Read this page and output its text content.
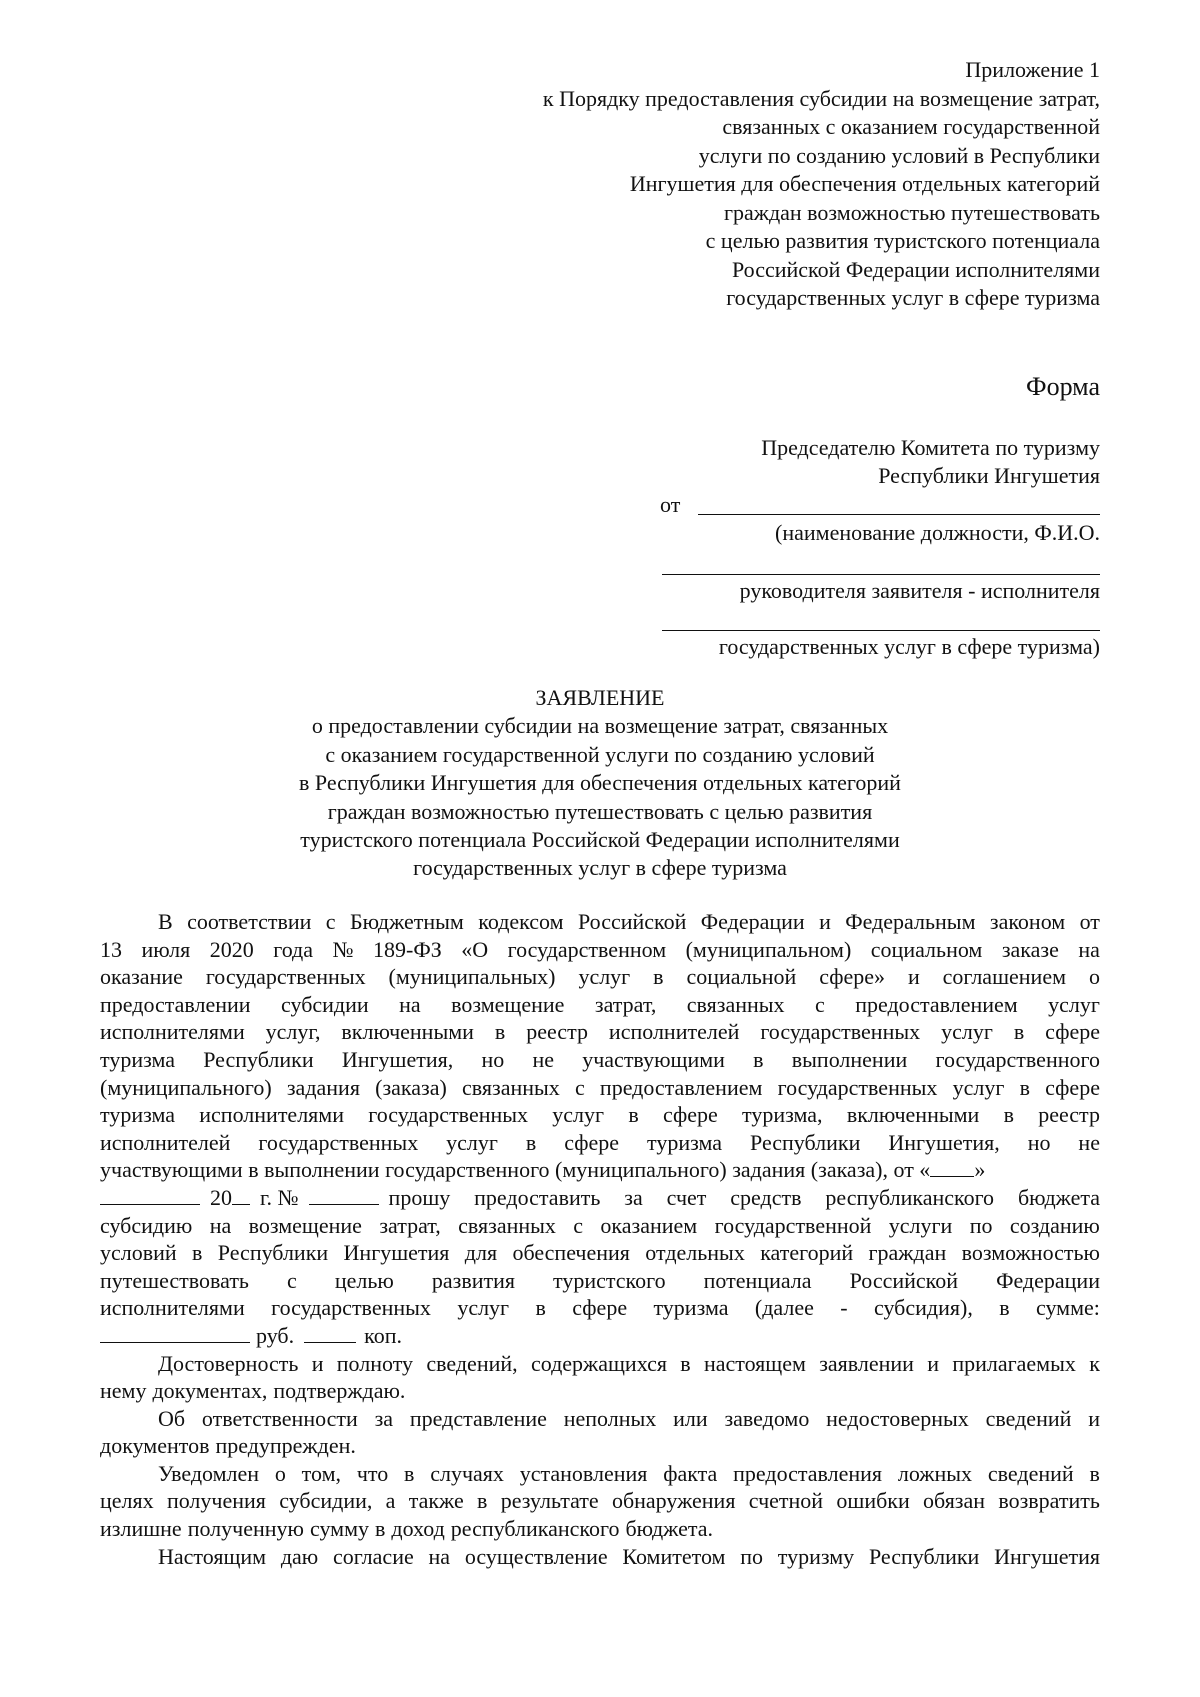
Приложение 1
к Порядку предоставления субсидии на возмещение затрат,
связанных с оказанием государственной
услуги по созданию условий в Республики
Ингушетия для обеспечения отдельных категорий
граждан возможностью путешествовать
с целью развития туристского потенциала
Российской Федерации исполнителями
государственных услуг в сфере туризма
Форма
Председателю Комитета по туризму
Республики Ингушетия
от
(наименование должности, Ф.И.О.
руководителя заявителя - исполнителя
государственных услуг в сфере туризма)
ЗАЯВЛЕНИЕ
о предоставлении субсидии на возмещение затрат, связанных
с оказанием государственной услуги по созданию условий
в Республики Ингушетия для обеспечения отдельных категорий
граждан возможностью путешествовать с целью развития
туристского потенциала Российской Федерации исполнителями
государственных услуг в сфере туризма
В соответствии с Бюджетным кодексом Российской Федерации и Федеральным законом от
13 июля 2020 года № 189-ФЗ «О государственном (муниципальном) социальном заказе на
оказание государственных (муниципальных) услуг в социальной сфере» и соглашением о
предоставлении субсидии на возмещение затрат, связанных с предоставлением услуг
исполнителями услуг, включенными в реестр исполнителей государственных услуг в сфере
туризма Республики Ингушетия, но не участвующими в выполнении государственного
(муниципального) задания (заказа) связанных с предоставлением государственных услуг в сфере
туризма исполнителями государственных услуг в сфере туризма, включенными в реестр
исполнителей государственных услуг в сфере туризма Республики Ингушетия, но не
участвующими в выполнении государственного (муниципального) задания (заказа), от « »
20 г. №	прошу предоставить за счет средств республиканского бюджета
субсидию на возмещение затрат, связанных с оказанием государственной услуги по созданию
условий в Республики Ингушетия для обеспечения отдельных категорий граждан возможностью
путешествовать с целью развития туристского потенциала Российской Федерации
исполнителями государственных услуг в сфере туризма (далее - субсидия), в сумме:
руб.	коп.
Достоверность и полноту сведений, содержащихся в настоящем заявлении и прилагаемых к
нему документах, подтверждаю.
Об ответственности за представление неполных или заведомо недостоверных сведений и
документов предупрежден.
Уведомлен о том, что в случаях установления факта предоставления ложных сведений в
целях получения субсидии, а также в результате обнаружения счетной ошибки обязан возвратить
излишне полученную сумму в доход республиканского бюджета.
Настоящим даю согласие на осуществление Комитетом по туризму Республики Ингушетия
